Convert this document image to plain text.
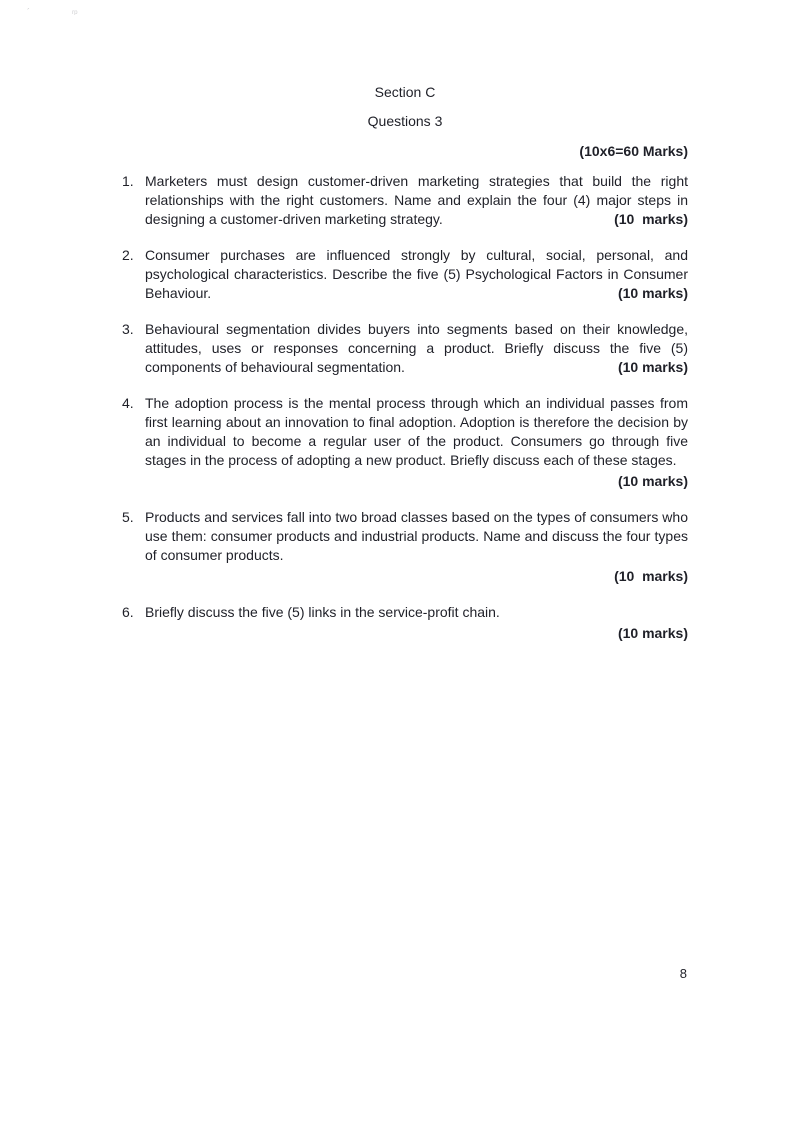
´	ʳᵖ
Section C
Questions 3
(10x6=60 Marks)
1. Marketers must design customer-driven marketing strategies that build the right relationships with the right customers. Name and explain the four (4) major steps in designing a customer-driven marketing strategy.	(10  marks)
2. Consumer purchases are influenced strongly by cultural, social, personal, and psychological characteristics. Describe the five (5) Psychological Factors in Consumer Behaviour.	(10 marks)
3. Behavioural segmentation divides buyers into segments based on their knowledge, attitudes, uses or responses concerning a product. Briefly discuss the five (5) components of behavioural segmentation.	(10 marks)
4. The adoption process is the mental process through which an individual passes from first learning about an innovation to final adoption. Adoption is therefore the decision by an individual to become a regular user of the product. Consumers go through five stages in the process of adopting a new product. Briefly discuss each of these stages.

(10 marks)
5. Products and services fall into two broad classes based on the types of consumers who use them: consumer products and industrial products. Name and discuss the four types of consumer products.

(10  marks)
6. Briefly discuss the five (5) links in the service-profit chain.

(10 marks)
8
